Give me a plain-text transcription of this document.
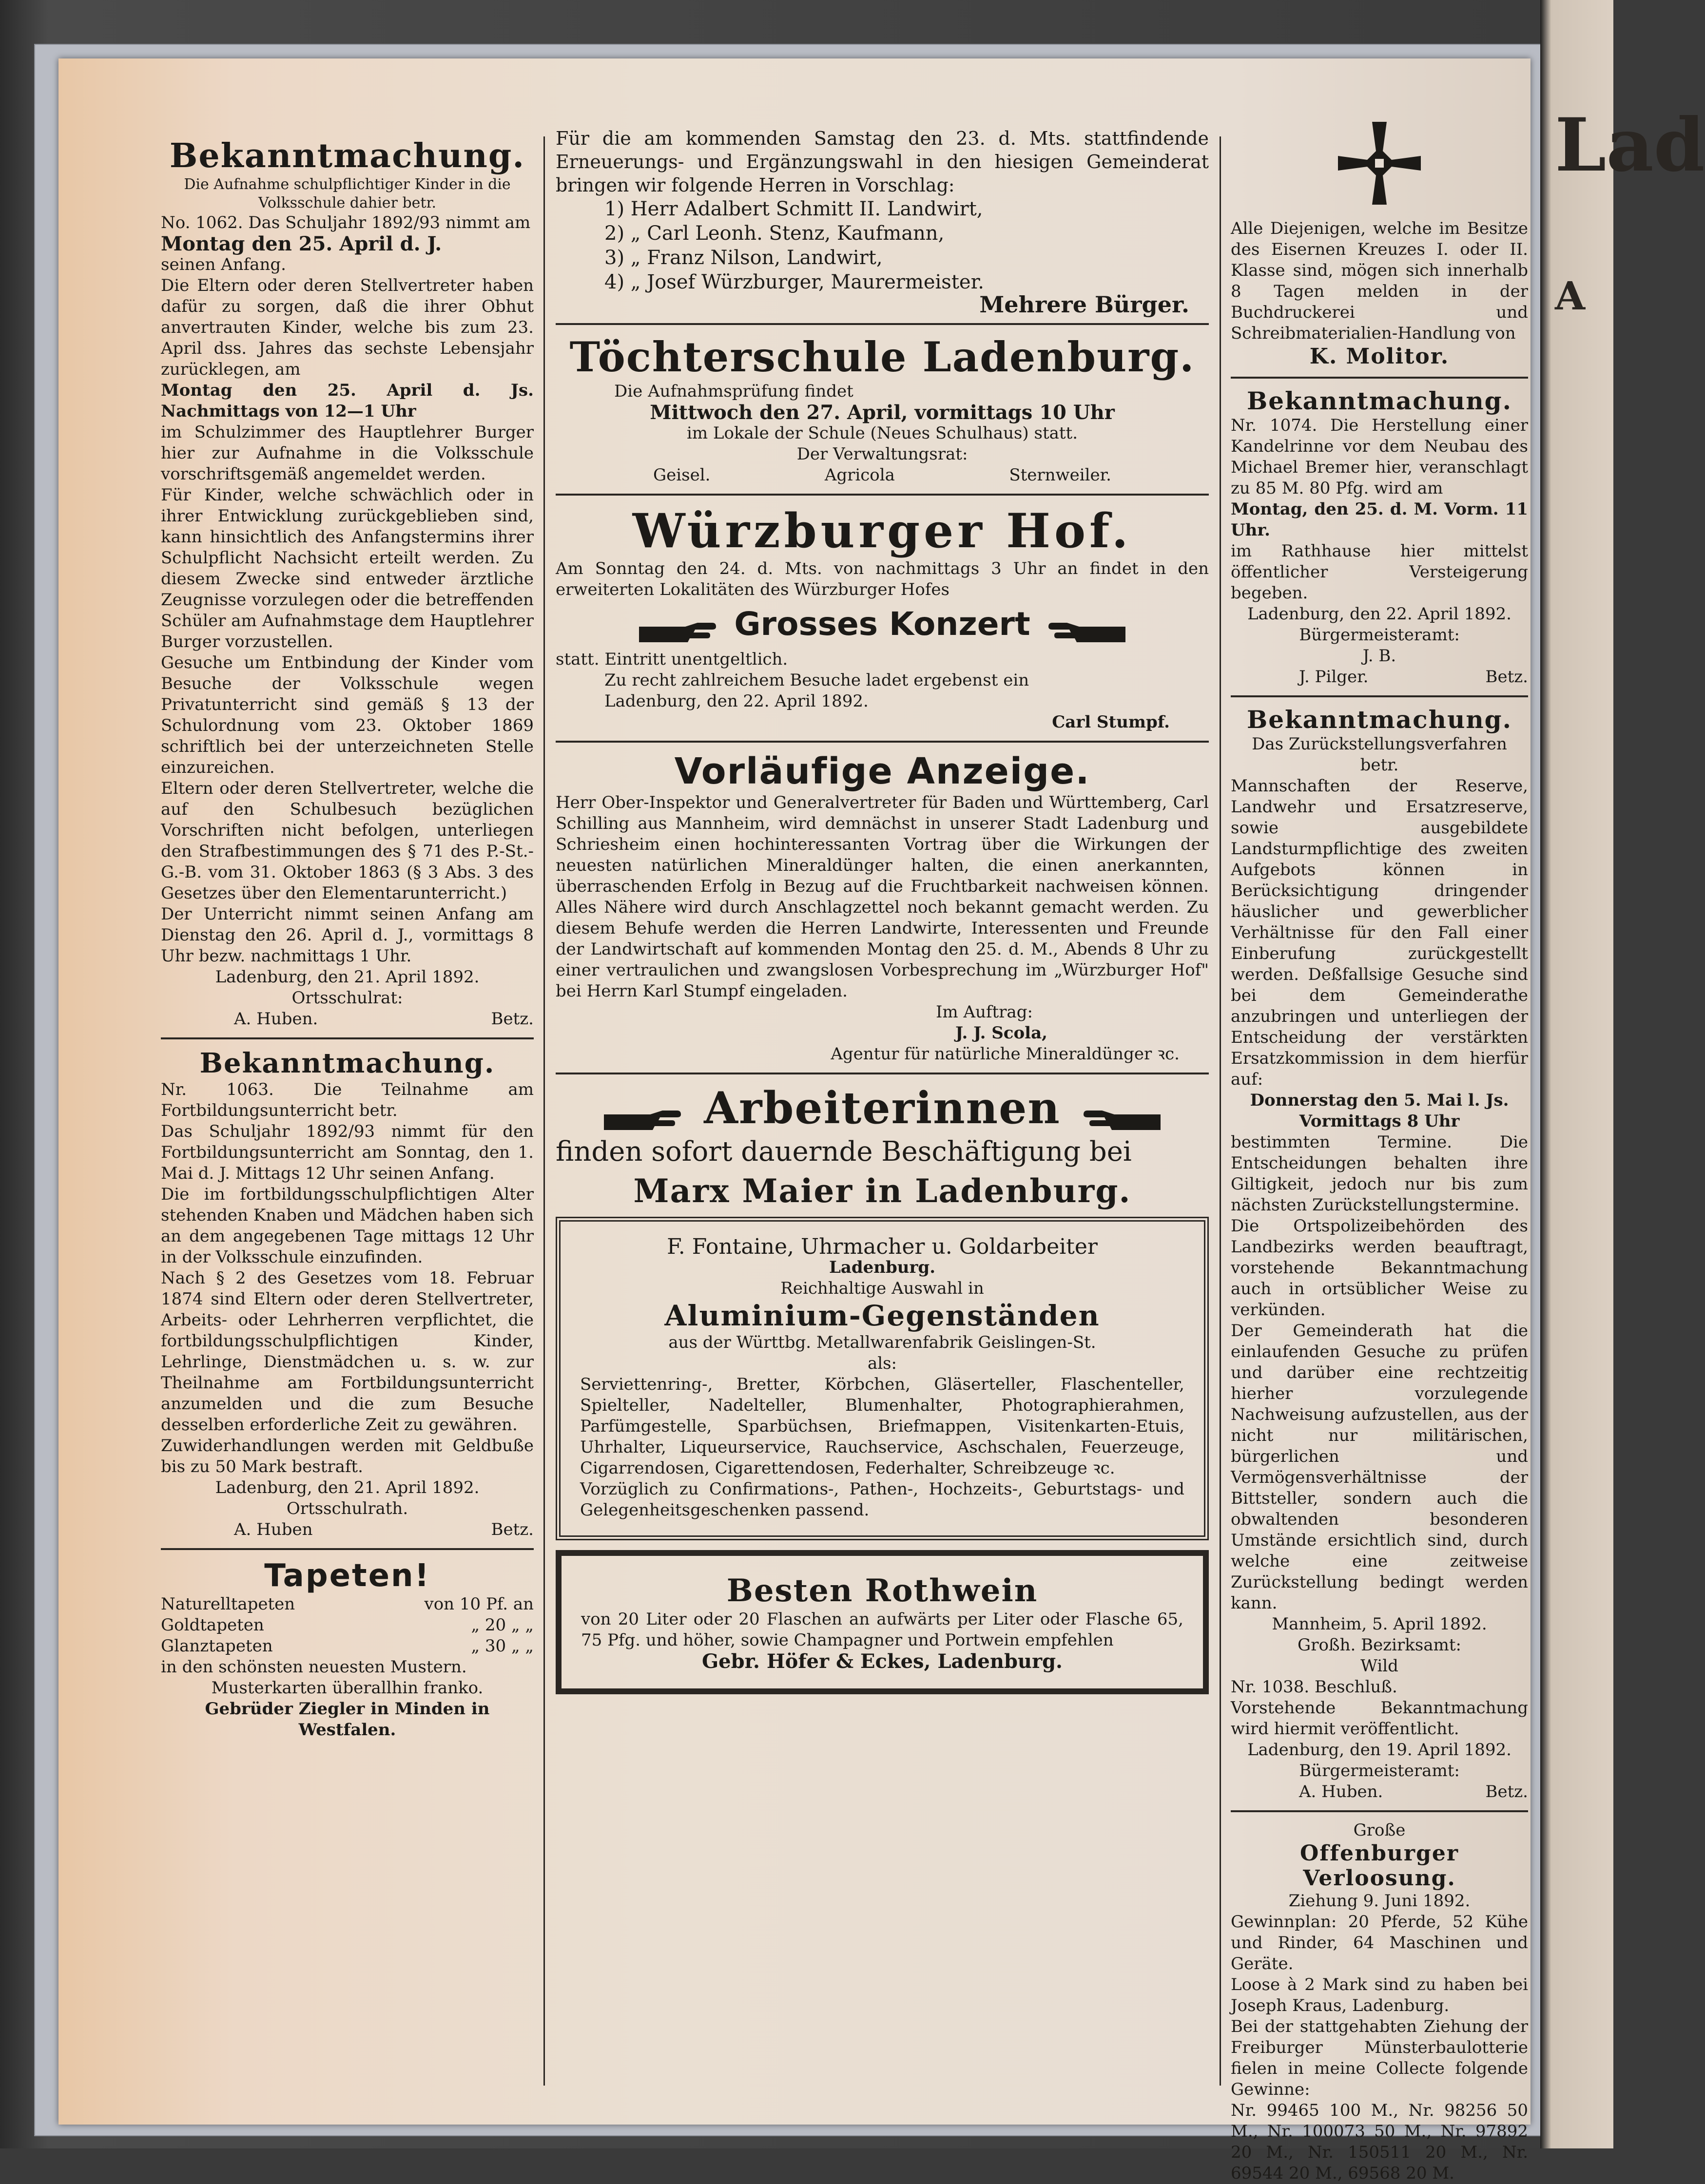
Lad
A
Bekanntmachung.
Die Aufnahme schulpflichtiger Kinder in die Volksschule dahier betr.
No. 1062. Das Schuljahr 1892/93 nimmt am
Montag den 25. April d. J.
seinen Anfang.
Die Eltern oder deren Stellvertreter haben dafür zu sorgen, daß die ihrer Obhut anvertrauten Kinder, welche bis zum 23. April dss. Jahres das sechste Lebensjahr zurücklegen, am
Montag den 25. April d. Js. Nachmittags von 12—1 Uhr
im Schulzimmer des Hauptlehrer Burger hier zur Aufnahme in die Volksschule vorschriftsgemäß angemeldet werden.
Für Kinder, welche schwächlich oder in ihrer Entwicklung zurückgeblieben sind, kann hinsichtlich des Anfangstermins ihrer Schulpflicht Nachsicht erteilt werden. Zu diesem Zwecke sind entweder ärztliche Zeugnisse vorzulegen oder die betreffenden Schüler am Aufnahmstage dem Hauptlehrer Burger vorzustellen.
Gesuche um Entbindung der Kinder vom Besuche der Volksschule wegen Privatunterricht sind gemäß § 13 der Schulordnung vom 23. Oktober 1869 schriftlich bei der unterzeichneten Stelle einzureichen.
Eltern oder deren Stellvertreter, welche die auf den Schulbesuch bezüglichen Vorschriften nicht befolgen, unterliegen den Strafbestimmungen des § 71 des P.-St.-G.-B. vom 31. Oktober 1863 (§ 3 Abs. 3 des Gesetzes über den Elementarunterricht.)
Der Unterricht nimmt seinen Anfang am Dienstag den 26. April d. J., vormittags 8 Uhr bezw. nachmittags 1 Uhr.
Ladenburg, den 21. April 1892.
Ortsschulrat:
A. Huben.	Betz.
Bekanntmachung.
Nr. 1063. Die Teilnahme am Fortbildungsunterricht betr.
Das Schuljahr 1892/93 nimmt für den Fortbildungsunterricht am Sonntag, den 1. Mai d. J. Mittags 12 Uhr seinen Anfang.
Die im fortbildungsschulpflichtigen Alter stehenden Knaben und Mädchen haben sich an dem angegebenen Tage mittags 12 Uhr in der Volksschule einzufinden.
Nach § 2 des Gesetzes vom 18. Februar 1874 sind Eltern oder deren Stellvertreter, Arbeits- oder Lehrherren verpflichtet, die fortbildungsschulpflichtigen Kinder, Lehrlinge, Dienstmädchen u. s. w. zur Theilnahme am Fortbildungsunterricht anzumelden und die zum Besuche desselben erforderliche Zeit zu gewähren.
Zuwiderhandlungen werden mit Geldbuße bis zu 50 Mark bestraft.
Ladenburg, den 21. April 1892.
Ortsschulrath.
A. Huben	Betz.
Tapeten!
Naturelltapeten	von 10 Pf. an
Goldtapeten	„ 20 „ „
Glanztapeten	„ 30 „ „
in den schönsten neuesten Mustern.
Musterkarten überallhin franko.
Gebrüder Ziegler in Minden in Westfalen.
Für die am kommenden Samstag den 23. d. Mts. stattfindende Erneuerungs- und Ergänzungswahl in den hiesigen Gemeinderat bringen wir folgende Herren in Vorschlag:
1) Herr Adalbert Schmitt II. Landwirt,
2) „ Carl Leonh. Stenz, Kaufmann,
3) „ Franz Nilson, Landwirt,
4) „ Josef Würzburger, Maurermeister.
Mehrere Bürger.
Töchterschule Ladenburg.
Die Aufnahmsprüfung findet
Mittwoch den 27. April, vormittags 10 Uhr
im Lokale der Schule (Neues Schulhaus) statt.
Der Verwaltungsrat:
Geisel.	Agricola	Sternweiler.
Würzburger Hof.
Am Sonntag den 24. d. Mts. von nachmittags 3 Uhr an findet in den erweiterten Lokalitäten des Würzburger Hofes
Grosses Konzert
statt. Eintritt unentgeltlich.
Zu recht zahlreichem Besuche ladet ergebenst ein
Ladenburg, den 22. April 1892.
Carl Stumpf.
Vorläufige Anzeige.
Herr Ober-Inspektor und Generalvertreter für Baden und Württemberg, Carl Schilling aus Mannheim, wird demnächst in unserer Stadt Ladenburg und Schriesheim einen hochinteressanten Vortrag über die Wirkungen der neuesten natürlichen Mineraldünger halten, die einen anerkannten, überraschenden Erfolg in Bezug auf die Fruchtbarkeit nachweisen können. Alles Nähere wird durch Anschlagzettel noch bekannt gemacht werden. Zu diesem Behufe werden die Herren Landwirte, Interessenten und Freunde der Landwirtschaft auf kommenden Montag den 25. d. M., Abends 8 Uhr zu einer vertraulichen und zwangslosen Vorbesprechung im „Würzburger Hof" bei Herrn Karl Stumpf eingeladen.
Im Auftrag:
J. J. Scola,
Agentur für natürliche Mineraldünger ꝛc.
Arbeiterinnen
finden sofort dauernde Beschäftigung bei
Marx Maier in Ladenburg.
F. Fontaine, Uhrmacher u. Goldarbeiter
Ladenburg.
Reichhaltige Auswahl in
Aluminium-Gegenständen
aus der Württbg. Metallwarenfabrik Geislingen-St.
als:
Serviettenring-, Bretter, Körbchen, Gläserteller, Flaschenteller, Spielteller, Nadelteller, Blumenhalter, Photographierahmen, Parfümgestelle, Sparbüchsen, Briefmappen, Visitenkarten-Etuis, Uhrhalter, Liqueurservice, Rauchservice, Aschschalen, Feuerzeuge, Cigarrendosen, Cigarettendosen, Federhalter, Schreibzeuge ꝛc.
Vorzüglich zu Confirmations-, Pathen-, Hochzeits-, Geburtstags- und Gelegenheitsgeschenken passend.
Besten Rothwein
von 20 Liter oder 20 Flaschen an aufwärts per Liter oder Flasche 65, 75 Pfg. und höher, sowie Champagner und Portwein empfehlen
Gebr. Höfer & Eckes, Ladenburg.
Alle Diejenigen, welche im Besitze des Eisernen Kreuzes I. oder II. Klasse sind, mögen sich innerhalb 8 Tagen melden in der Buchdruckerei und Schreibmaterialien-Handlung von
K. Molitor.
Bekanntmachung.
Nr. 1074. Die Herstellung einer Kandelrinne vor dem Neubau des Michael Bremer hier, veranschlagt zu 85 M. 80 Pfg. wird am
Montag, den 25. d. M. Vorm. 11 Uhr.
im Rathhause hier mittelst öffentlicher Versteigerung begeben.
Ladenburg, den 22. April 1892.
Bürgermeisteramt:
J. B.
J. Pilger.	Betz.
Bekanntmachung.
Das Zurückstellungsverfahren betr.
Mannschaften der Reserve, Landwehr und Ersatzreserve, sowie ausgebildete Landsturmpflichtige des zweiten Aufgebots können in Berücksichtigung dringender häuslicher und gewerblicher Verhältnisse für den Fall einer Einberufung zurückgestellt werden. Deßfallsige Gesuche sind bei dem Gemeinderathe anzubringen und unterliegen der Entscheidung der verstärkten Ersatzkommission in dem hierfür auf:
Donnerstag den 5. Mai l. Js. Vormittags 8 Uhr
bestimmten Termine. Die Entscheidungen behalten ihre Giltigkeit, jedoch nur bis zum nächsten Zurückstellungstermine.
Die Ortspolizeibehörden des Landbezirks werden beauftragt, vorstehende Bekanntmachung auch in ortsüblicher Weise zu verkünden.
Der Gemeinderath hat die einlaufenden Gesuche zu prüfen und darüber eine rechtzeitig hierher vorzulegende Nachweisung aufzustellen, aus der nicht nur militärischen, bürgerlichen und Vermögensverhältnisse der Bittsteller, sondern auch die obwaltenden besonderen Umstände ersichtlich sind, durch welche eine zeitweise Zurückstellung bedingt werden kann.
Mannheim, 5. April 1892.
Großh. Bezirksamt:
Wild
Nr. 1038. Beschluß.
Vorstehende Bekanntmachung wird hiermit veröffentlicht.
Ladenburg, den 19. April 1892.
Bürgermeisteramt:
A. Huben.	Betz.
Große
Offenburger Verloosung.
Ziehung 9. Juni 1892.
Gewinnplan: 20 Pferde, 52 Kühe und Rinder, 64 Maschinen und Geräte.
Loose à 2 Mark sind zu haben bei Joseph Kraus, Ladenburg.
Bei der stattgehabten Ziehung der Freiburger Münsterbaulotterie fielen in meine Collecte folgende Gewinne:
Nr. 99465 100 M., Nr. 98256 50 M., Nr. 100073 50 M., Nr. 97892 20 M., Nr. 150511 20 M., Nr. 69544 20 M., 69568 20 M.
